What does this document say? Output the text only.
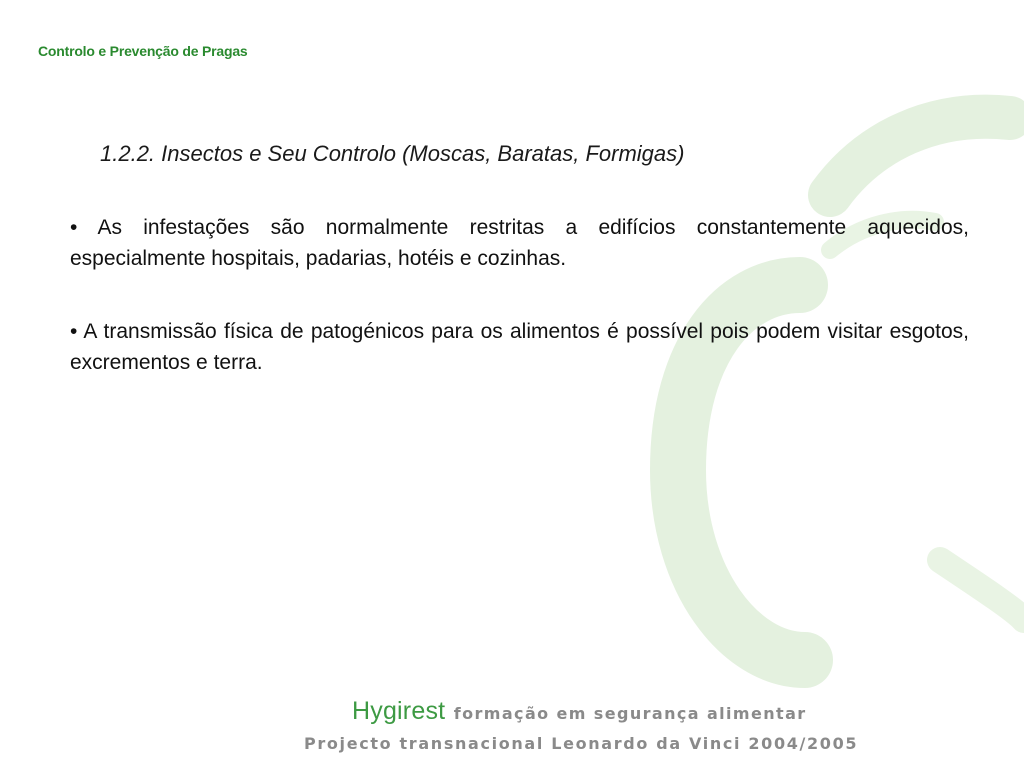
Controlo e Prevenção de Pragas
1.2.2. Insectos e Seu Controlo (Moscas, Baratas, Formigas)

• As infestações são normalmente restritas a edifícios constantemente aquecidos, especialmente hospitais, padarias, hotéis e cozinhas.

• A transmissão física de patogénicos para os alimentos é possível pois podem visitar esgotos, excrementos e terra.

Hygirest formação em segurança alimentar
Projecto transnacional Leonardo da Vinci 2004/2005
